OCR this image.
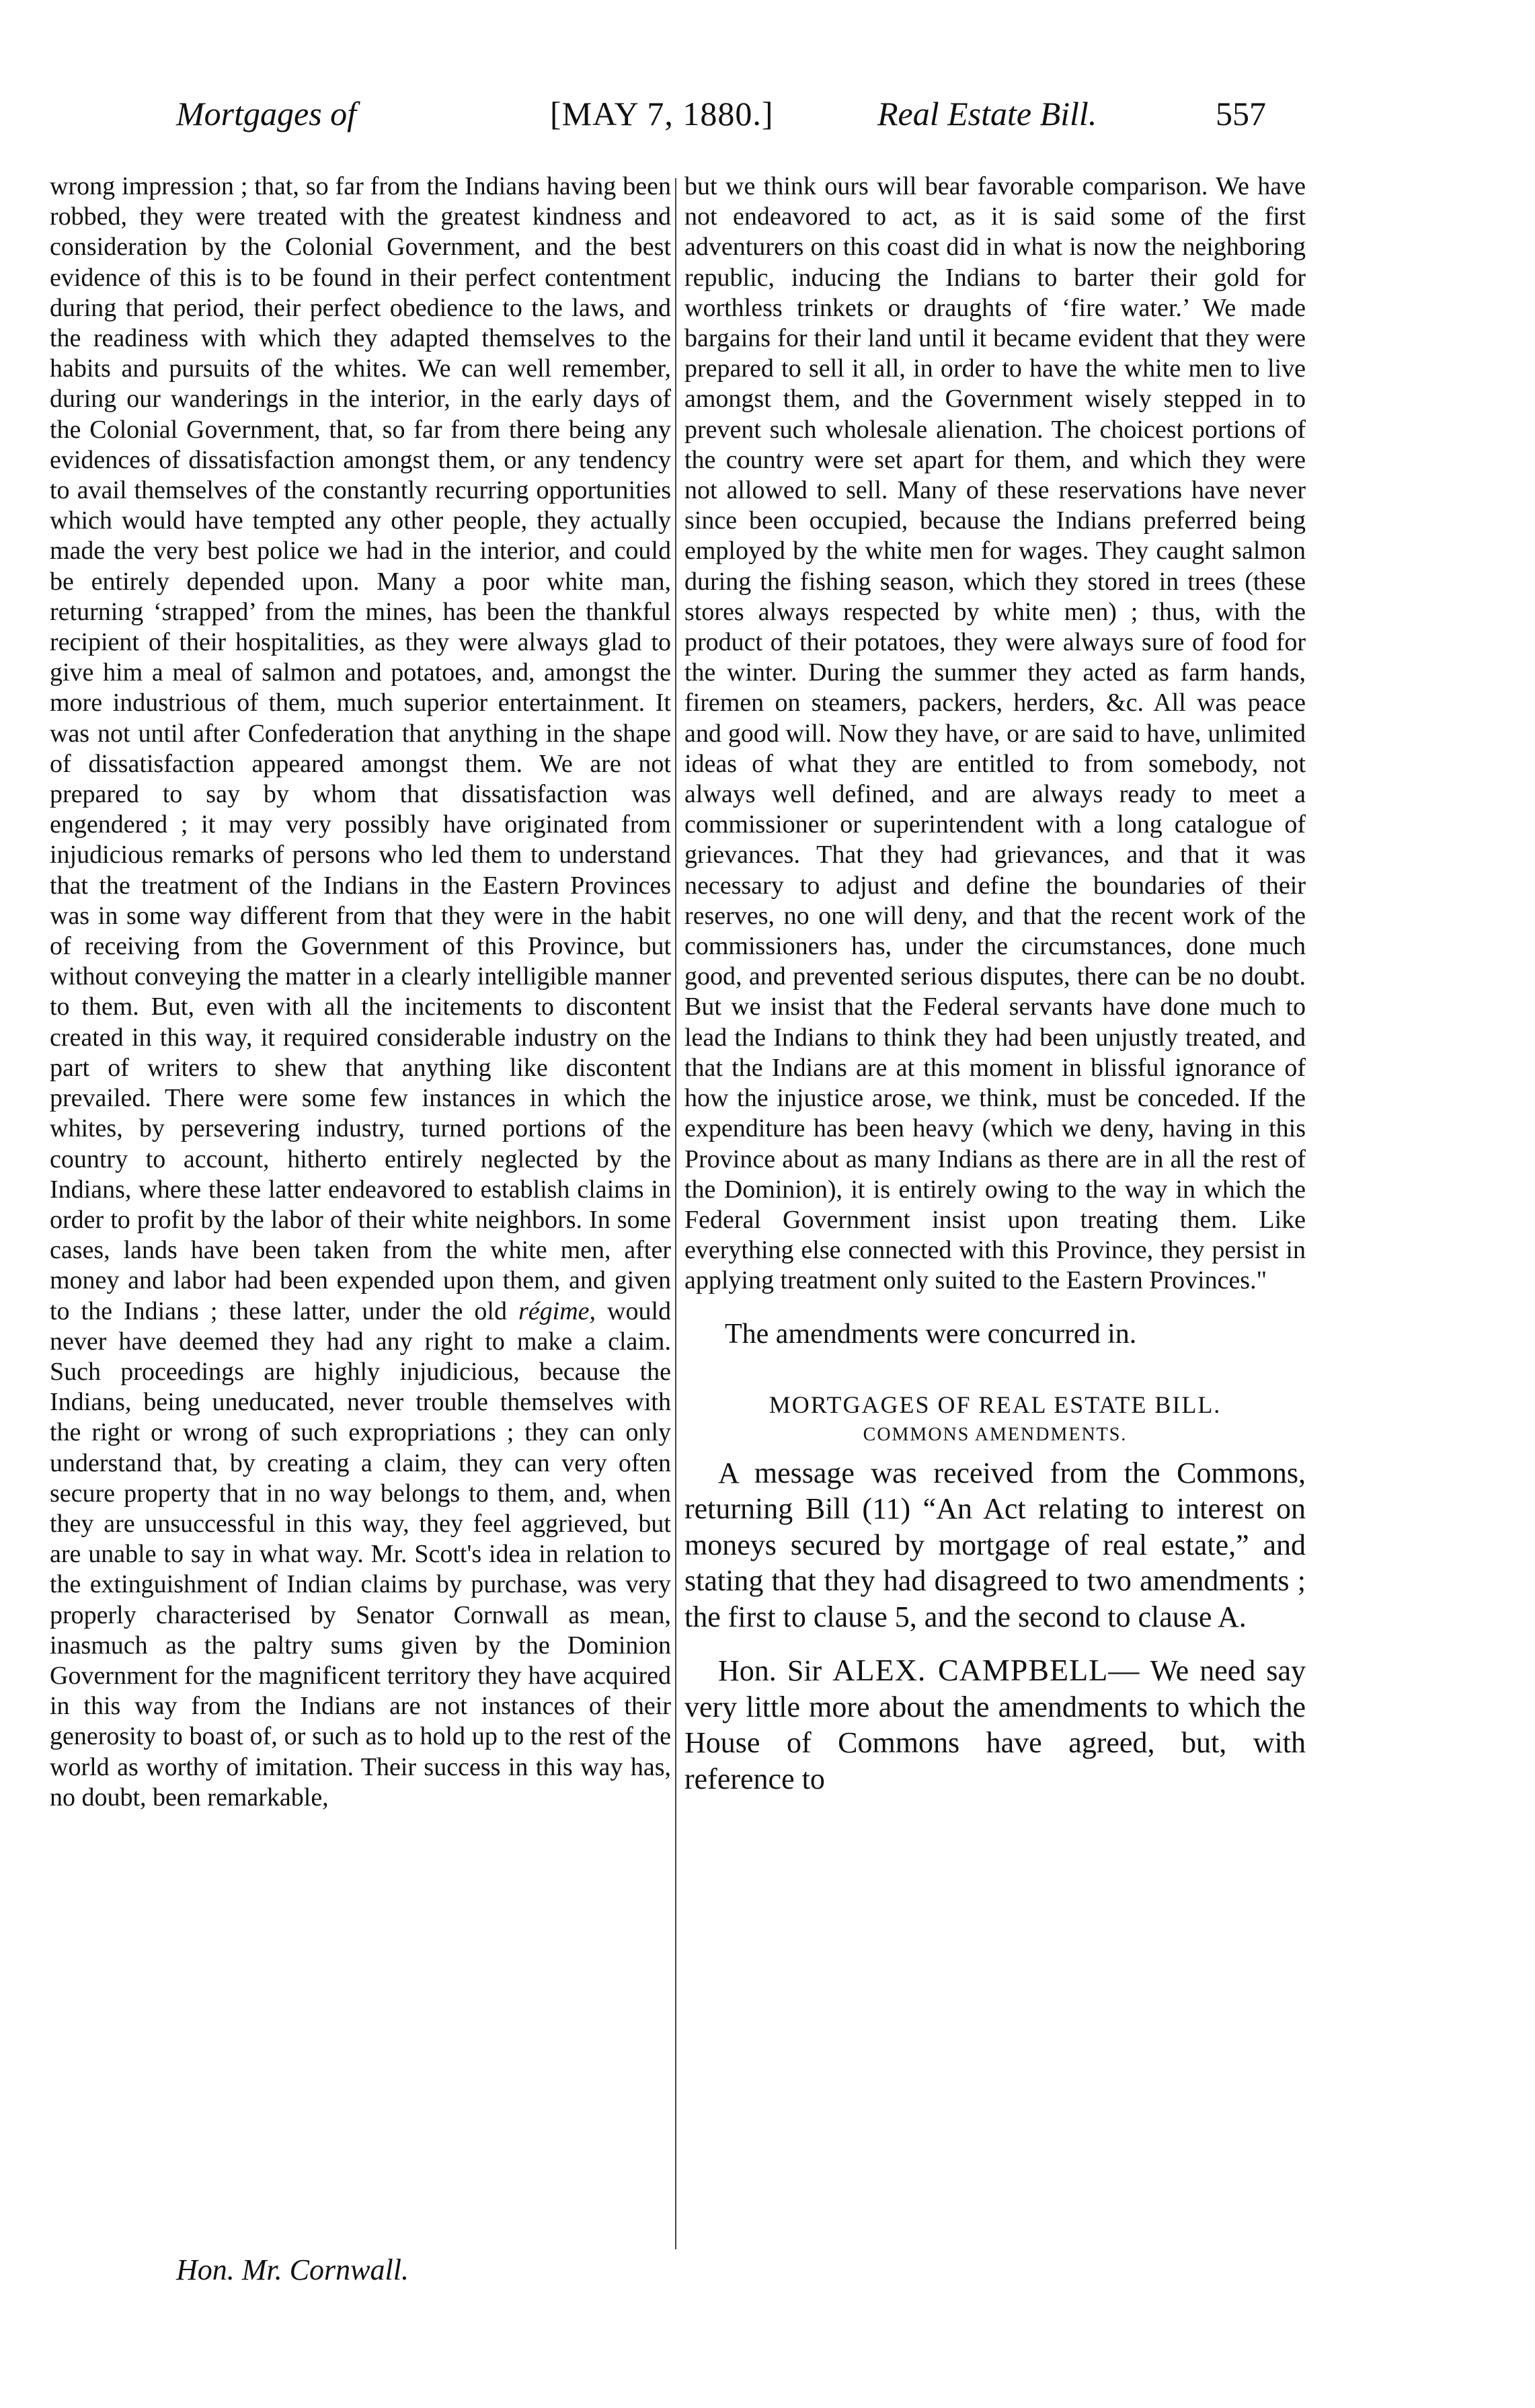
Mortgages of	[MAY 7, 1880.]	Real Estate Bill.	557

wrong impression ; that, so far from the Indians having been robbed, they were treated with the greatest kindness and consideration by the Colonial Government, and the best evidence of this is to be found in their perfect contentment during that period, their perfect obedience to the laws, and the readiness with which they adapted themselves to the habits and pursuits of the whites. We can well remember, during our wanderings in the interior, in the early days of the Colonial Government, that, so far from there being any evidences of dissatisfaction amongst them, or any tendency to avail themselves of the constantly recurring opportunities which would have tempted any other people, they actually made the very best police we had in the interior, and could be entirely depended upon. Many a poor white man, returning ‘strapped’ from the mines, has been the thankful recipient of their hospitalities, as they were always glad to give him a meal of salmon and potatoes, and, amongst the more industrious of them, much superior entertainment. It was not until after Confederation that anything in the shape of dissatisfaction appeared amongst them. We are not prepared to say by whom that dissatisfaction was engendered ; it may very possibly have originated from injudicious remarks of persons who led them to understand that the treatment of the Indians in the Eastern Provinces was in some way different from that they were in the habit of receiving from the Government of this Province, but without conveying the matter in a clearly intelligible manner to them. But, even with all the incitements to discontent created in this way, it required considerable industry on the part of writers to shew that anything like discontent prevailed. There were some few instances in which the whites, by persevering industry, turned portions of the country to account, hitherto entirely neglected by the Indians, where these latter endeavored to establish claims in order to profit by the labor of their white neighbors. In some cases, lands have been taken from the white men, after money and labor had been expended upon them, and given to the Indians ; these latter, under the old régime, would never have deemed they had any right to make a claim. Such proceedings are highly injudicious, because the Indians, being uneducated, never trouble themselves with the right or wrong of such expropriations ; they can only understand that, by creating a claim, they can very often secure property that in no way belongs to them, and, when they are unsuccessful in this way, they feel aggrieved, but are unable to say in what way. Mr. Scott's idea in relation to the extinguishment of Indian claims by purchase, was very properly characterised by Senator Cornwall as mean, inasmuch as the paltry sums given by the Dominion Government for the magnificent territory they have acquired in this way from the Indians are not instances of their generosity to boast of, or such as to hold up to the rest of the world as worthy of imitation. Their success in this way has, no doubt, been remarkable,

but we think ours will bear favorable comparison. We have not endeavored to act, as it is said some of the first adventurers on this coast did in what is now the neighboring republic, inducing the Indians to barter their gold for worthless trinkets or draughts of ‘fire water.’ We made bargains for their land until it became evident that they were prepared to sell it all, in order to have the white men to live amongst them, and the Government wisely stepped in to prevent such wholesale alienation. The choicest portions of the country were set apart for them, and which they were not allowed to sell. Many of these reservations have never since been occupied, because the Indians preferred being employed by the white men for wages. They caught salmon during the fishing season, which they stored in trees (these stores always respected by white men) ; thus, with the product of their potatoes, they were always sure of food for the winter. During the summer they acted as farm hands, firemen on steamers, packers, herders, &c. All was peace and good will. Now they have, or are said to have, unlimited ideas of what they are entitled to from somebody, not always well defined, and are always ready to meet a commissioner or superintendent with a long catalogue of grievances. That they had grievances, and that it was necessary to adjust and define the boundaries of their reserves, no one will deny, and that the recent work of the commissioners has, under the circumstances, done much good, and prevented serious disputes, there can be no doubt. But we insist that the Federal servants have done much to lead the Indians to think they had been unjustly treated, and that the Indians are at this moment in blissful ignorance of how the injustice arose, we think, must be conceded. If the expenditure has been heavy (which we deny, having in this Province about as many Indians as there are in all the rest of the Dominion), it is entirely owing to the way in which the Federal Government insist upon treating them. Like everything else connected with this Province, they persist in applying treatment only suited to the Eastern Provinces."

The amendments were concurred in.

MORTGAGES OF REAL ESTATE BILL.

COMMONS AMENDMENTS.

A message was received from the Commons, returning Bill (11) “An Act relating to interest on moneys secured by mortgage of real estate,” and stating that they had disagreed to two amendments ; the first to clause 5, and the second to clause A.

Hon. Sir ALEX. CAMPBELL— We need say very little more about the amendments to which the House of Commons have agreed, but, with reference to

Hon. Mr. Cornwall.
